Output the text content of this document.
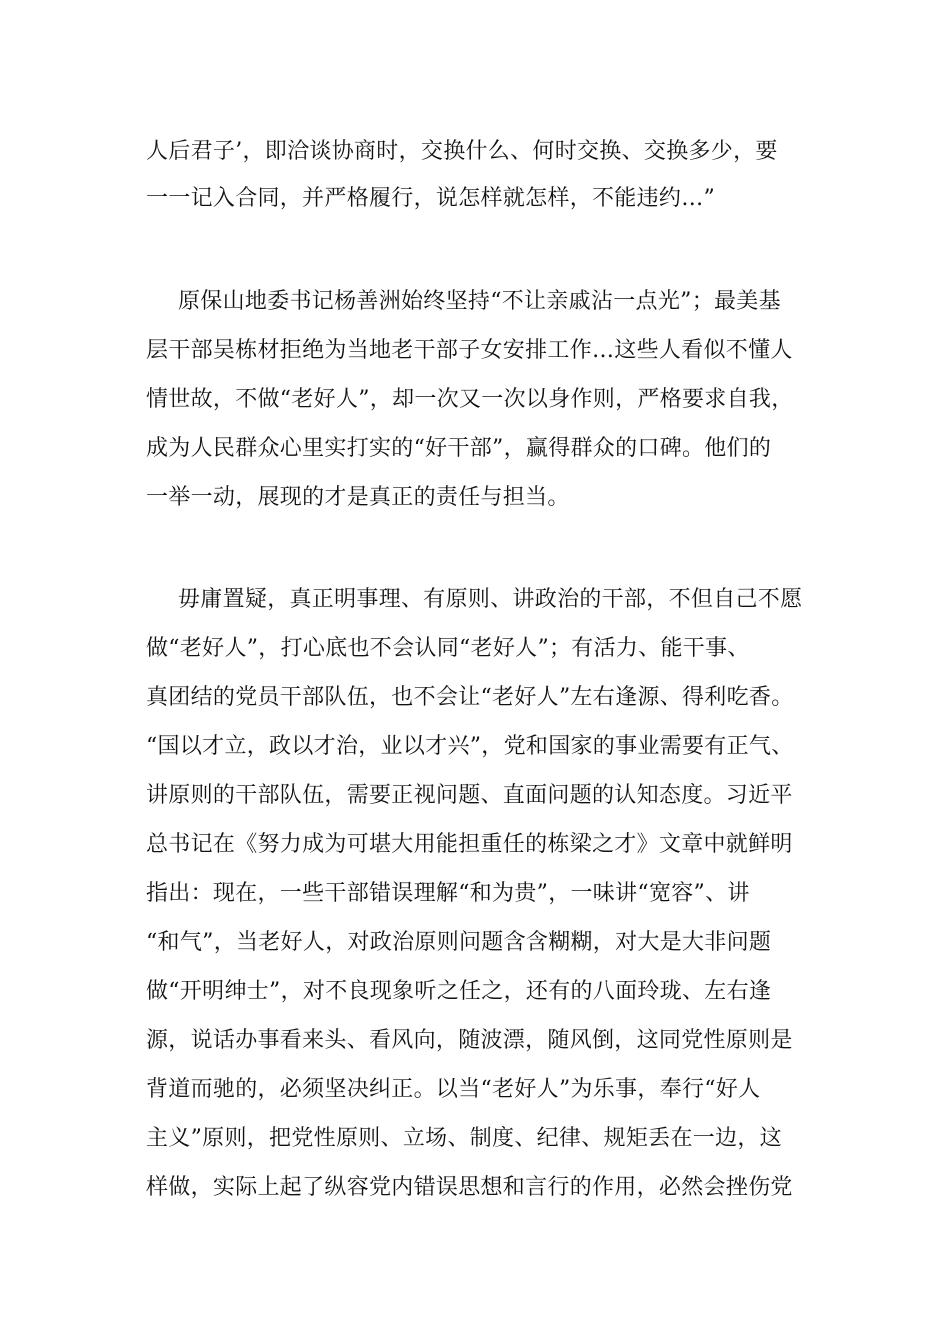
人后君子’，即洽谈协商时，交换什么、何时交换、交换多少，要
一一记入合同，并严格履行，说怎样就怎样，不能违约…”
原保山地委书记杨善洲始终坚持“不让亲戚沾一点光”；最美基
层干部吴栋材拒绝为当地老干部子女安排工作…这些人看似不懂人
情世故，不做“老好人”，却一次又一次以身作则，严格要求自我，
成为人民群众心里实打实的“好干部”，赢得群众的口碑。他们的
一举一动，展现的才是真正的责任与担当。
毋庸置疑，真正明事理、有原则、讲政治的干部，不但自己不愿
做“老好人”，打心底也不会认同“老好人”；有活力、能干事、
真团结的党员干部队伍，也不会让“老好人”左右逢源、得利吃香。
“国以才立，政以才治，业以才兴”，党和国家的事业需要有正气、
讲原则的干部队伍，需要正视问题、直面问题的认知态度。习近平
总书记在《努力成为可堪大用能担重任的栋梁之才》文章中就鲜明
指出：现在，一些干部错误理解“和为贵”，一味讲“宽容”、讲
“和气”，当老好人，对政治原则问题含含糊糊，对大是大非问题
做“开明绅士”，对不良现象听之任之，还有的八面玲珑、左右逢
源，说话办事看来头、看风向，随波漂，随风倒，这同党性原则是
背道而驰的，必须坚决纠正。以当“老好人”为乐事，奉行“好人
主义”原则，把党性原则、立场、制度、纪律、规矩丢在一边，这
样做，实际上起了纵容党内错误思想和言行的作用，必然会挫伤党
